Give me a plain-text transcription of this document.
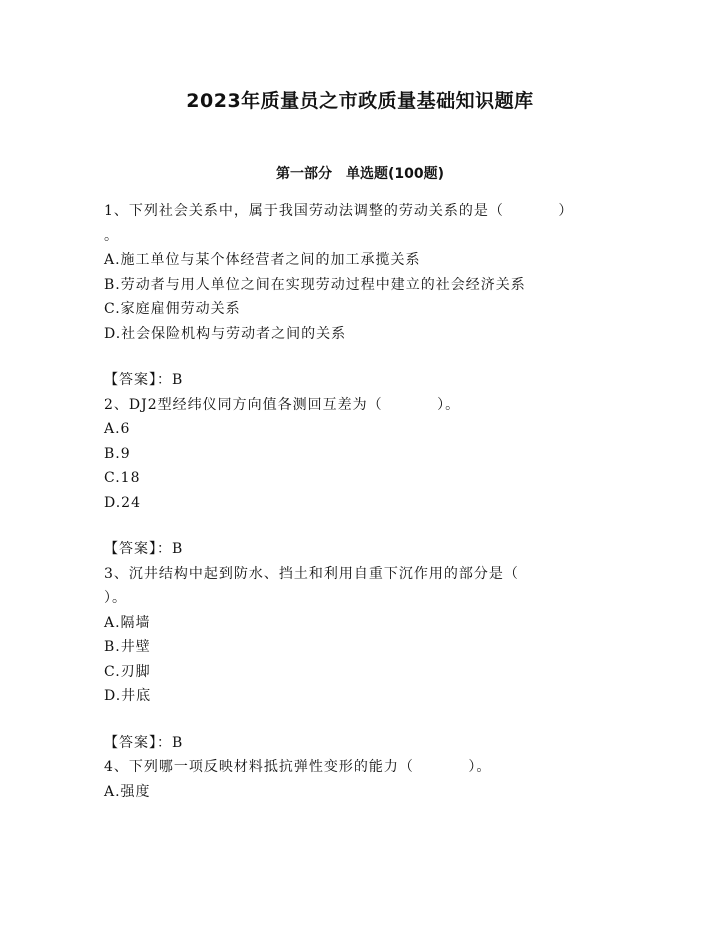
2023年质量员之市政质量基础知识题库
第一部分　单选题(100题)
1、下列社会关系中，属于我国劳动法调整的劳动关系的是（          ）
。
A.施工单位与某个体经营者之间的加工承揽关系
B.劳动者与用人单位之间在实现劳动过程中建立的社会经济关系
C.家庭雇佣劳动关系
D.社会保险机构与劳动者之间的关系
【答案】：B
2、DJ2型经纬仪同方向值各测回互差为（          ）。
A.6
B.9
C.18
D.24
【答案】：B
3、沉井结构中起到防水、挡土和利用自重下沉作用的部分是（
）。
A.隔墙
B.井壁
C.刃脚
D.井底
【答案】：B
4、下列哪一项反映材料抵抗弹性变形的能力（          ）。
A.强度
